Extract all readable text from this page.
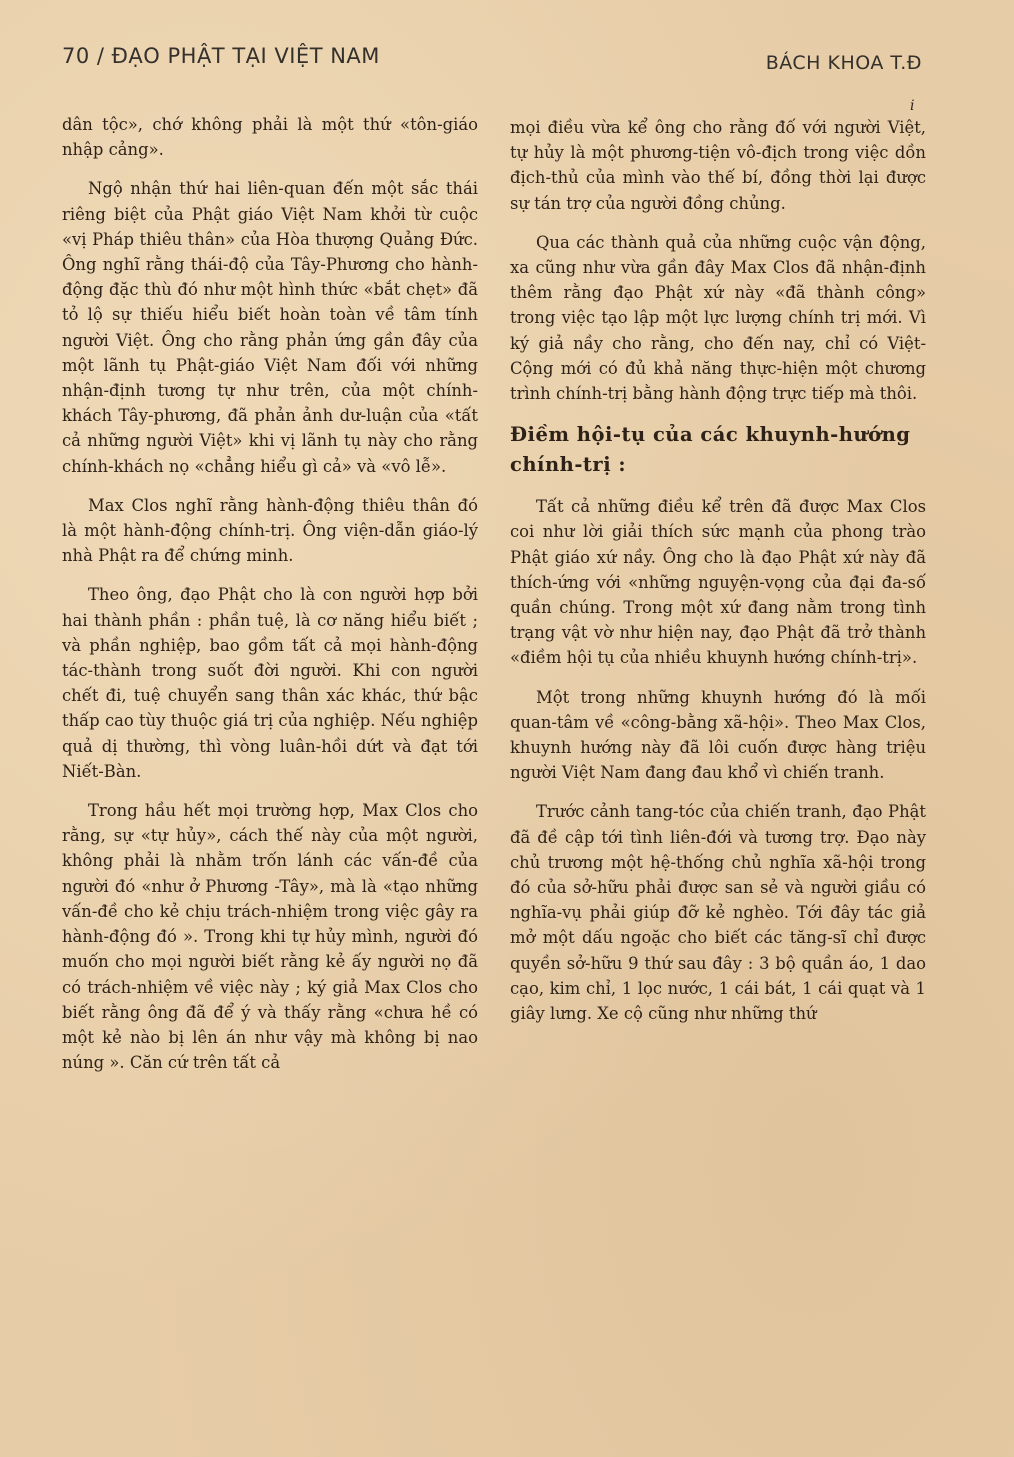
70 / ĐẠO PHẬT TẠI VIỆT NAM	BÁCH KHOA T.Đ
i

dân tộc», chớ không phải là một thứ «tôn-giáo nhập cảng».

Ngộ nhận thứ hai liên-quan đến một sắc thái riêng biệt của Phật giáo Việt Nam khởi từ cuộc «vị Pháp thiêu thân» của Hòa thượng Quảng Đức. Ông nghĩ rằng thái-độ của Tây-Phương cho hành-động đặc thù đó như một hình thức «bắt chẹt» đã tỏ lộ sự thiếu hiểu biết hoàn toàn về tâm tính người Việt. Ông cho rằng phản ứng gần đây của một lãnh tụ Phật-giáo Việt Nam đối với những nhận-định tương tự như trên, của một chính-khách Tây-phương, đã phản ảnh dư-luận của «tất cả những người Việt» khi vị lãnh tụ này cho rằng chính-khách nọ «chẳng hiểu gì cả» và «vô lễ».

Max Clos nghĩ rằng hành-động thiêu thân đó là một hành-động chính-trị. Ông viện-dẫn giáo-lý nhà Phật ra để chứng minh.

Theo ông, đạo Phật cho là con người hợp bởi hai thành phần : phần tuệ, là cơ năng hiểu biết ; và phần nghiệp, bao gồm tất cả mọi hành-động tác-thành trong suốt đời người. Khi con người chết đi, tuệ chuyển sang thân xác khác, thứ bậc thấp cao tùy thuộc giá trị của nghiệp. Nếu nghiệp quả dị thường, thì vòng luân-hồi dứt và đạt tới Niết-Bàn.

Trong hầu hết mọi trường hợp, Max Clos cho rằng, sự «tự hủy», cách thế này của một người, không phải là nhằm trốn lánh các vấn-đề của người đó «như ở Phương -Tây», mà là «tạo những vấn-đề cho kẻ chịu trách-nhiệm trong việc gây ra hành-động đó ». Trong khi tự hủy mình, người đó muốn cho mọi người biết rằng kẻ ấy người nọ đã có trách-nhiệm về việc này ; ký giả Max Clos cho biết rằng ông đã để ý và thấy rằng «chưa hề có một kẻ nào bị lên án như vậy mà không bị nao núng ». Căn cứ trên tất cả

mọi điều vừa kể ông cho rằng đố với người Việt, tự hủy là một phương-tiện vô-địch trong việc dồn địch-thủ của mình vào thế bí, đồng thời lại được sự tán trợ của người đồng chủng.

Qua các thành quả của những cuộc vận động, xa cũng như vừa gần đây Max Clos đã nhận-định thêm rằng đạo Phật xứ này «đã thành công» trong việc tạo lập một lực lượng chính trị mới. Vì ký giả nầy cho rằng, cho đến nay, chỉ có Việt-Cộng mới có đủ khả năng thực-hiện một chương trình chính-trị bằng hành động trực tiếp mà thôi.

Điềm hội-tụ của các khuynh-hướng chính-trị :

Tất cả những điều kể trên đã được Max Clos coi như lời giải thích sức mạnh của phong trào Phật giáo xứ nầy. Ông cho là đạo Phật xứ này đã thích-ứng với «những nguyện-vọng của đại đa-số quần chúng. Trong một xứ đang nằm trong tình trạng vật vờ như hiện nay, đạo Phật đã trở thành «điềm hội tụ của nhiều khuynh hướng chính-trị».

Một trong những khuynh hướng đó là mối quan-tâm về «công-bằng xã-hội». Theo Max Clos, khuynh hướng này đã lôi cuốn được hàng triệu người Việt Nam đang đau khổ vì chiến tranh.

Trước cảnh tang-tóc của chiến tranh, đạo Phật đã đề cập tới tình liên-đới và tương trợ. Đạo này chủ trương một hệ-thống chủ nghĩa xã-hội trong đó của sở-hữu phải được san sẻ và người giầu có nghĩa-vụ phải giúp đỡ kẻ nghèo. Tới đây tác giả mở một dấu ngoặc cho biết các tăng-sĩ chỉ được quyền sở-hữu 9 thứ sau đây : 3 bộ quần áo, 1 dao cạo, kim chỉ, 1 lọc nước, 1 cái bát, 1 cái quạt và 1 giây lưng. Xe cộ cũng như những thứ
